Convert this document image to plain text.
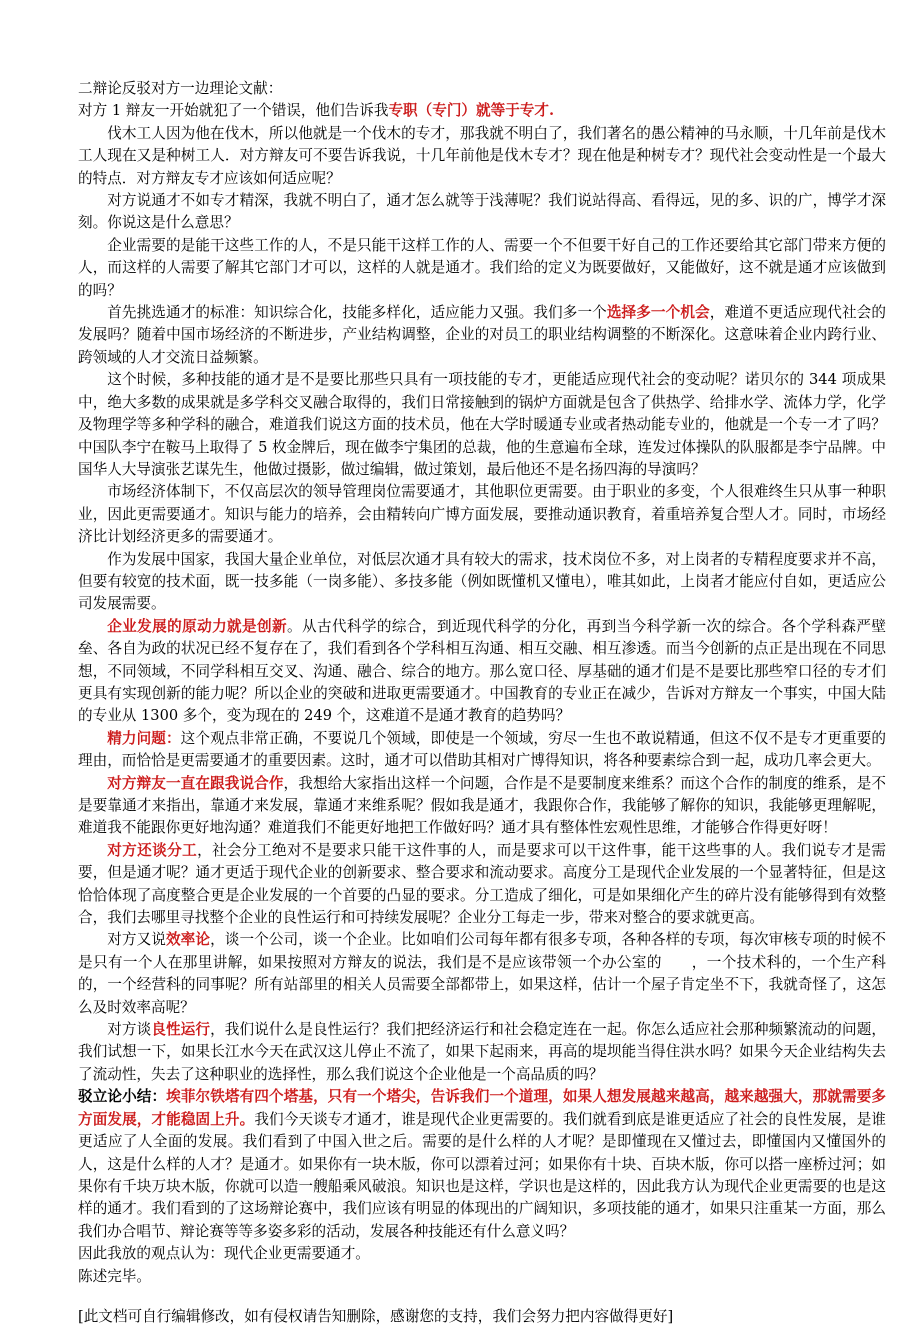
二辩论反驳对方一边理论文献：

对方 1 辩友一开始就犯了一个错误，他们告诉我专职（专门）就等于专才.

伐木工人因为他在伐木，所以他就是一个伐木的专才，那我就不明白了，我们著名的愚公精神的马永顺，十几年前是伐木工人现在又是种树工人．对方辩友可不要告诉我说，十几年前他是伐木专才？现在他是种树专才？现代社会变动性是一个最大的特点．对方辩友专才应该如何适应呢？

对方说通才不如专才精深，我就不明白了，通才怎么就等于浅薄呢？我们说站得高、看得远，见的多、识的广，博学才深刻。你说这是什么意思？

企业需要的是能干这些工作的人，不是只能干这样工作的人、需要一个不但要干好自己的工作还要给其它部门带来方便的人，而这样的人需要了解其它部门才可以，这样的人就是通才。我们给的定义为既要做好，又能做好，这不就是通才应该做到的吗？

首先挑选通才的标准：知识综合化，技能多样化，适应能力又强。我们多一个选择多一个机会，难道不更适应现代社会的发展吗？随着中国市场经济的不断进步，产业结构调整，企业的对员工的职业结构调整的不断深化。这意味着企业内跨行业、跨领域的人才交流日益频繁。

这个时候，多种技能的通才是不是要比那些只具有一项技能的专才，更能适应现代社会的变动呢？诺贝尔的 344 项成果中，绝大多数的成果就是多学科交叉融合取得的，我们日常接触到的锅炉方面就是包含了供热学、给排水学、流体力学，化学及物理学等多种学科的融合，难道我们说这方面的技术员，他在大学时暖通专业或者热动能专业的，他就是一个专一才了吗？中国队李宁在鞍马上取得了 5 枚金牌后，现在做李宁集团的总裁，他的生意遍布全球，连发过体操队的队服都是李宁品牌。中国华人大导演张艺谋先生，他做过摄影，做过编辑，做过策划，最后他还不是名扬四海的导演吗？

市场经济体制下，不仅高层次的领导管理岗位需要通才，其他职位更需要。由于职业的多变，个人很难终生只从事一种职业，因此更需要通才。知识与能力的培养，会由精转向广博方面发展，要推动通识教育，着重培养复合型人才。同时，市场经济比计划经济更多的需要通才。

作为发展中国家，我国大量企业单位，对低层次通才具有较大的需求，技术岗位不多，对上岗者的专精程度要求并不高，但要有较宽的技术面，既一技多能（一岗多能）、多技多能（例如既懂机又懂电），唯其如此，上岗者才能应付自如，更适应公司发展需要。

企业发展的原动力就是创新。从古代科学的综合，到近现代科学的分化，再到当今科学新一次的综合。各个学科森严壁垒、各自为政的状况已经不复存在了，我们看到各个学科相互沟通、相互交融、相互渗透。而当今创新的点正是出现在不同思想，不同领域，不同学科相互交叉、沟通、融合、综合的地方。那么宽口径、厚基础的通才们是不是要比那些窄口径的专才们更具有实现创新的能力呢？所以企业的突破和进取更需要通才。中国教育的专业正在减少，告诉对方辩友一个事实，中国大陆的专业从 1300 多个，变为现在的 249 个，这难道不是通才教育的趋势吗？

精力问题：这个观点非常正确，不要说几个领域，即使是一个领域，穷尽一生也不敢说精通，但这不仅不是专才更重要的理由，而恰恰是更需要通才的重要因素。这时，通才可以借助其相对广博得知识，将各种要素综合到一起，成功几率会更大。

对方辩友一直在跟我说合作，我想给大家指出这样一个问题，合作是不是要制度来维系？而这个合作的制度的维系，是不是要靠通才来指出，靠通才来发展，靠通才来维系呢？假如我是通才，我跟你合作，我能够了解你的知识，我能够更理解呢，难道我不能跟你更好地沟通？难道我们不能更好地把工作做好吗？通才具有整体性宏观性思维，才能够合作得更好呀！

对方还谈分工，社会分工绝对不是要求只能干这件事的人，而是要求可以干这件事，能干这些事的人。我们说专才是需要，但是通才呢？通才更适于现代企业的创新要求、整合要求和流动要求。高度分工是现代企业发展的一个显著特征，但是这恰恰体现了高度整合更是企业发展的一个首要的凸显的要求。分工造成了细化，可是如果细化产生的碎片没有能够得到有效整合，我们去哪里寻找整个企业的良性运行和可持续发展呢？企业分工每走一步，带来对整合的要求就更高。

对方又说效率论，谈一个公司，谈一个企业。比如咱们公司每年都有很多专项，各种各样的专项，每次审核专项的时候不是只有一个人在那里讲解，如果按照对方辩友的说法，我们是不是应该带领一个办公室的　　，一个技术科的，一个生产科的，一个经营科的同事呢？所有站部里的相关人员需要全部都带上，如果这样，估计一个屋子肯定坐不下，我就奇怪了，这怎么及时效率高呢？

对方谈良性运行，我们说什么是良性运行？我们把经济运行和社会稳定连在一起。你怎么适应社会那种频繁流动的问题，我们试想一下，如果长江水今天在武汉这儿停止不流了，如果下起雨来，再高的堤坝能当得住洪水吗？如果今天企业结构失去了流动性，失去了这种职业的选择性，那么我们说这个企业他是一个高品质的吗？

驳立论小结：埃菲尔铁塔有四个塔基，只有一个塔尖，告诉我们一个道理，如果人想发展越来越高，越来越强大，那就需要多方面发展，才能稳固上升。我们今天谈专才通才，谁是现代企业更需要的。我们就看到底是谁更适应了社会的良性发展，是谁更适应了人全面的发展。我们看到了中国入世之后。需要的是什么样的人才呢？是即懂现在又懂过去，即懂国内又懂国外的人，这是什么样的人才？是通才。如果你有一块木版，你可以漂着过河；如果你有十块、百块木版，你可以搭一座桥过河；如果你有千块万块木版，你就可以造一艘船乘风破浪。知识也是这样，学识也是这样的，因此我方认为现代企业更需要的也是这样的通才。我们看到的了这场辩论赛中，我们应该有明显的体现出的广阔知识，多项技能的通才，如果只注重某一方面，那么我们办合唱节、辩论赛等等多姿多彩的活动，发展各种技能还有什么意义吗？

因此我放的观点认为：现代企业更需要通才。

陈述完毕。

[此文档可自行编辑修改，如有侵权请告知删除，感谢您的支持，我们会努力把内容做得更好]
